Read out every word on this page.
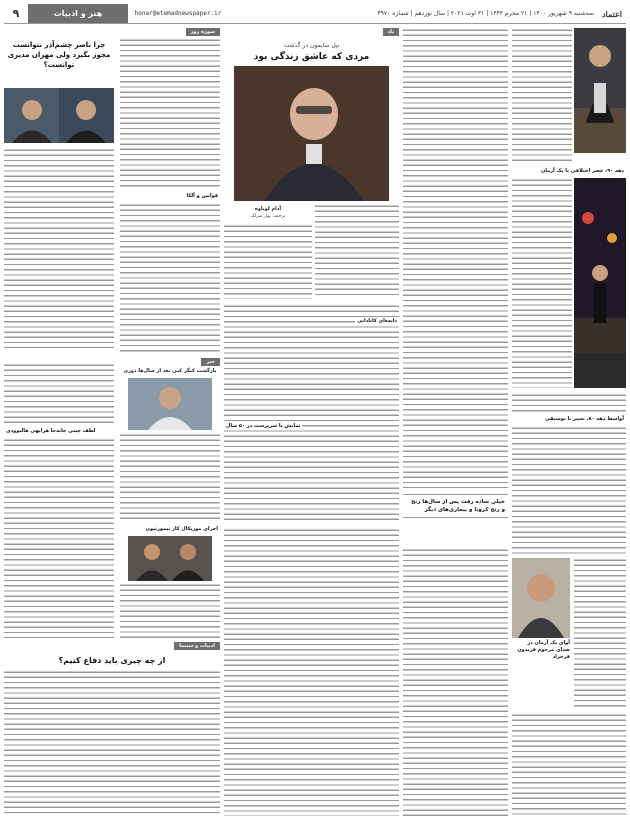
اعتماد
سه‌شنبه ۹ شهریور ۱۴۰۰ | ۲۱ محرم ۱۴۴۳ | ۳۱ اوت ۲۰۲۱ | سال نوزدهم | شماره ۴۹۷۰
honar@etemadnewspaper.ir
هنر و ادبیات
۹
دهه ۹۰، عصر اختلافی با یک آرمان
آواسط دهه ۸۰، تغییر با نوسیقی
آوای یک آرمان در صدای مرحوم فریدون فرخزاد
خیلی ساده رفت پس از سال‌ها رنج و رنج کرونا و بیماری‌های دیگر
یاد
نیل سایمون در گذشت
مردی که عاشق زندگی بود
آدام لویاوه
ترجمه: بهار سرلک
دایه‌ه‌ای کانادایی
نمایش با سرپرست در ۵۰ سال
سوژه روز
چرا ناصر چشم‌آذر نتوانست مجوز بگیرد ولی مهران مدیری توانست؟
قوانین و آلکا
خبر
بازگشت کنگر کبی بعد از سال‌ها دوری
لطف چینی جابه‌جا هرایهی هالیوودی
اجرای موزیکال کار تیمورتیون
ادبیات و سینما
از چه چیزی باید دفاع کنیم؟
